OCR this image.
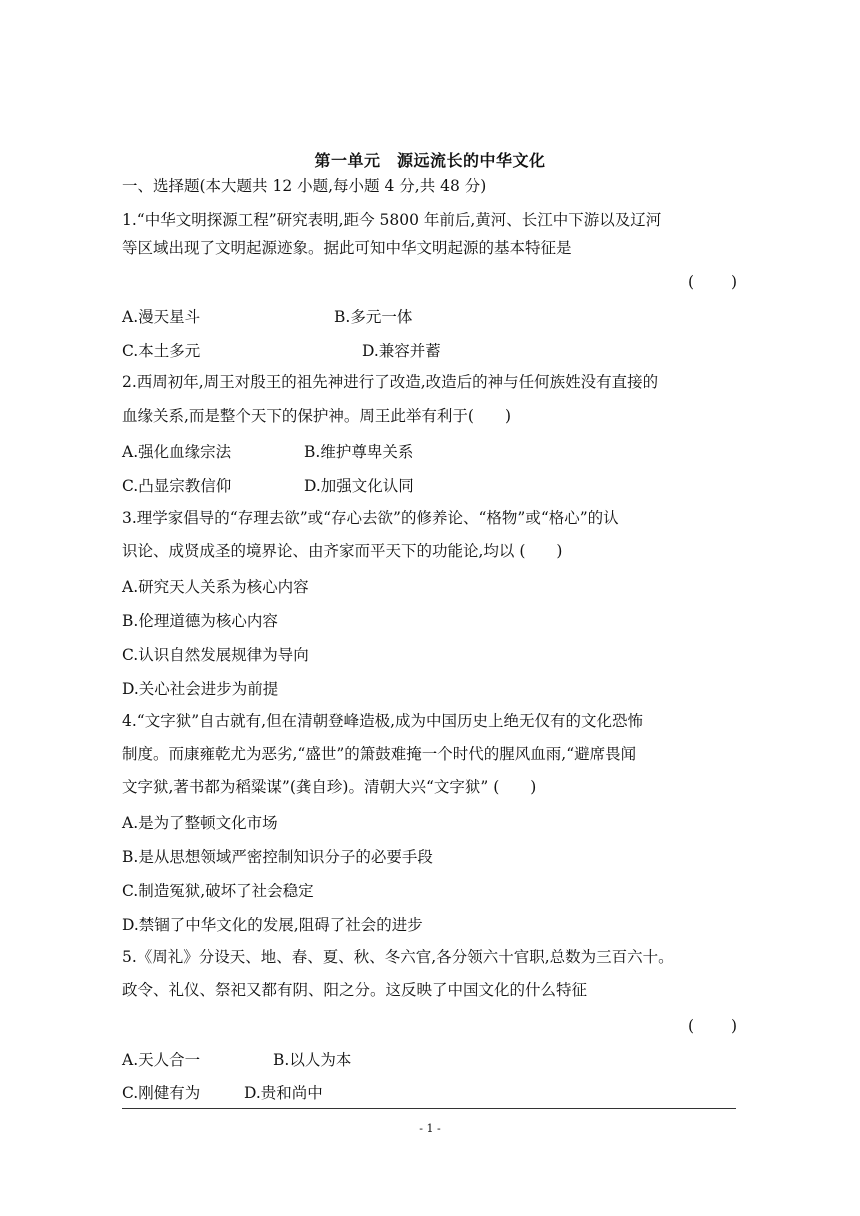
第一单元　源远流长的中华文化
一、选择题(本大题共 12 小题,每小题 4 分,共 48 分)
1.“中华文明探源工程”研究表明,距今 5800 年前后,黄河、长江中下游以及辽河
等区域出现了文明起源迹象。据此可知中华文明起源的基本特征是
(　　)
A.漫天星斗	B.多元一体
C.本土多元	D.兼容并蓄
2.西周初年,周王对殷王的祖先神进行了改造,改造后的神与任何族姓没有直接的
血缘关系,而是整个天下的保护神。周王此举有利于(　　)
A.强化血缘宗法	B.维护尊卑关系
C.凸显宗教信仰	D.加强文化认同
3.理学家倡导的“存理去欲”或“存心去欲”的修养论、“格物”或“格心”的认
识论、成贤成圣的境界论、由齐家而平天下的功能论,均以 (　　)
A.研究天人关系为核心内容
B.伦理道德为核心内容
C.认识自然发展规律为导向
D.关心社会进步为前提
4.“文字狱”自古就有,但在清朝登峰造极,成为中国历史上绝无仅有的文化恐怖
制度。而康雍乾尤为恶劣,“盛世”的箫鼓难掩一个时代的腥风血雨,“避席畏闻
文字狱,著书都为稻粱谋”(龚自珍)。清朝大兴“文字狱” (　　)
A.是为了整顿文化市场
B.是从思想领域严密控制知识分子的必要手段
C.制造冤狱,破坏了社会稳定
D.禁锢了中华文化的发展,阻碍了社会的进步
5.《周礼》分设天、地、春、夏、秋、冬六官,各分领六十官职,总数为三百六十。
政令、礼仪、祭祀又都有阴、阳之分。这反映了中国文化的什么特征
(　　)
A.天人合一	B.以人为本
C.刚健有为	D.贵和尚中
- 1 -
